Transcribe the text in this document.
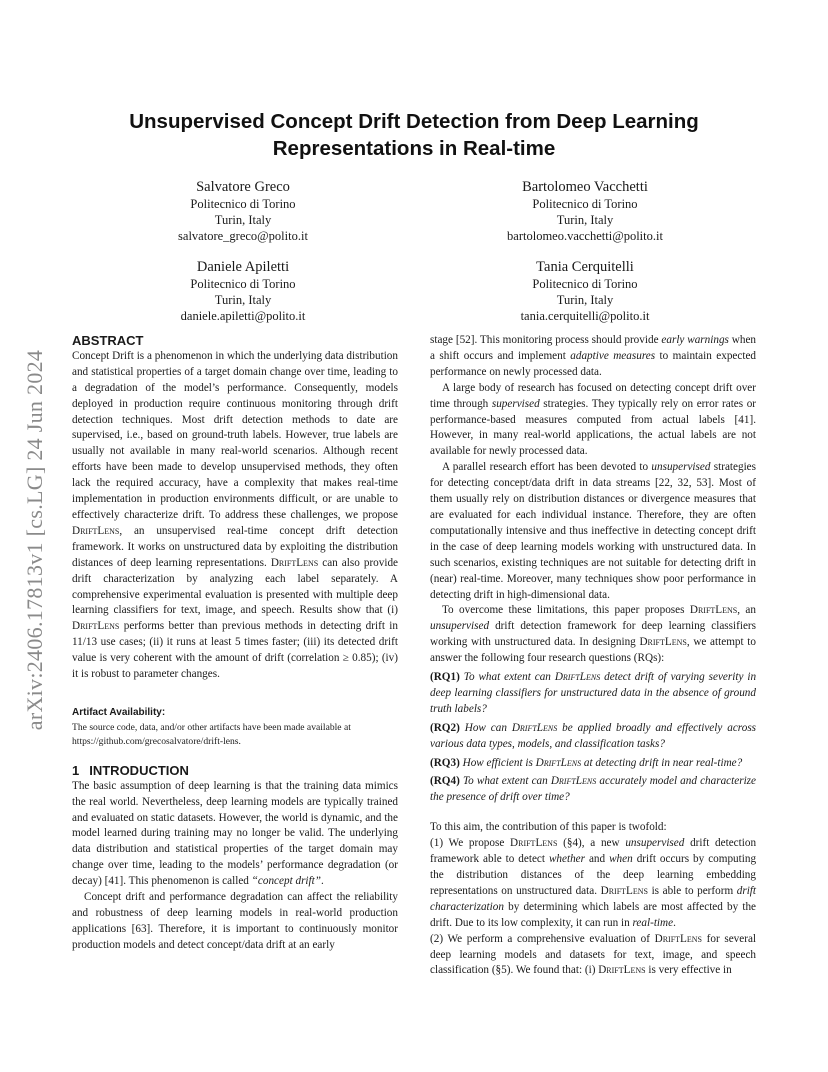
arXiv:2406.17813v1 [cs.LG] 24 Jun 2024
Unsupervised Concept Drift Detection from Deep Learning Representations in Real-time
Salvatore Greco
Politecnico di Torino
Turin, Italy
salvatore_greco@polito.it
Bartolomeo Vacchetti
Politecnico di Torino
Turin, Italy
bartolomeo.vacchetti@polito.it
Daniele Apiletti
Politecnico di Torino
Turin, Italy
daniele.apiletti@polito.it
Tania Cerquitelli
Politecnico di Torino
Turin, Italy
tania.cerquitelli@polito.it

ABSTRACT

Concept Drift is a phenomenon in which the underlying data distribution and statistical properties of a target domain change over time, leading to a degradation of the model’s performance. Consequently, models deployed in production require continuous monitoring through drift detection techniques. Most drift detection methods to date are supervised, i.e., based on ground-truth labels. However, true labels are usually not available in many real-world scenarios. Although recent efforts have been made to develop unsupervised methods, they often lack the required accuracy, have a complexity that makes real-time implementation in production environments difficult, or are unable to effectively characterize drift. To address these challenges, we propose DriftLens, an unsupervised real-time concept drift detection framework. It works on unstructured data by exploiting the distribution distances of deep learning representations. DriftLens can also provide drift characterization by analyzing each label separately. A comprehensive experimental evaluation is presented with multiple deep learning classifiers for text, image, and speech. Results show that (i) DriftLens performs better than previous methods in detecting drift in 11/13 use cases; (ii) it runs at least 5 times faster; (iii) its detected drift value is very coherent with the amount of drift (correlation ≥ 0.85); (iv) it is robust to parameter changes.

Artifact Availability:

The source code, data, and/or other artifacts have been made available at https://github.com/grecosalvatore/drift-lens.

1 INTRODUCTION

The basic assumption of deep learning is that the training data mimics the real world. Nevertheless, deep learning models are typically trained and evaluated on static datasets. However, the world is dynamic, and the model learned during training may no longer be valid. The underlying data distribution and statistical properties of the target domain may change over time, leading to the models’ performance degradation (or decay) [41]. This phenomenon is called “concept drift”.

Concept drift and performance degradation can affect the reliability and robustness of deep learning models in real-world production applications [63]. Therefore, it is important to continuously monitor production models and detect concept/data drift at an early

stage [52]. This monitoring process should provide early warnings when a shift occurs and implement adaptive measures to maintain expected performance on newly processed data.

A large body of research has focused on detecting concept drift over time through supervised strategies. They typically rely on error rates or performance-based measures computed from actual labels [41]. However, in many real-world applications, the actual labels are not available for newly processed data.

A parallel research effort has been devoted to unsupervised strategies for detecting concept/data drift in data streams [22, 32, 53]. Most of them usually rely on distribution distances or divergence measures that are evaluated for each individual instance. Therefore, they are often computationally intensive and thus ineffective in detecting concept drift in the case of deep learning models working with unstructured data. In such scenarios, existing techniques are not suitable for detecting drift in (near) real-time. Moreover, many techniques show poor performance in detecting drift in high-dimensional data.

To overcome these limitations, this paper proposes DriftLens, an unsupervised drift detection framework for deep learning classifiers working with unstructured data. In designing DriftLens, we attempt to answer the following four research questions (RQs):

(RQ1) To what extent can DriftLens detect drift of varying severity in deep learning classifiers for unstructured data in the absence of ground truth labels?

(RQ2) How can DriftLens be applied broadly and effectively across various data types, models, and classification tasks?

(RQ3) How efficient is DriftLens at detecting drift in near real-time?

(RQ4) To what extent can DriftLens accurately model and characterize the presence of drift over time?

To this aim, the contribution of this paper is twofold:

(1) We propose DriftLens (§4), a new unsupervised drift detection framework able to detect whether and when drift occurs by computing the distribution distances of the deep learning embedding representations on unstructured data. DriftLens is able to perform drift characterization by determining which labels are most affected by the drift. Due to its low complexity, it can run in real-time.

(2) We perform a comprehensive evaluation of DriftLens for several deep learning models and datasets for text, image, and speech classification (§5). We found that: (i) DriftLens is very effective in
